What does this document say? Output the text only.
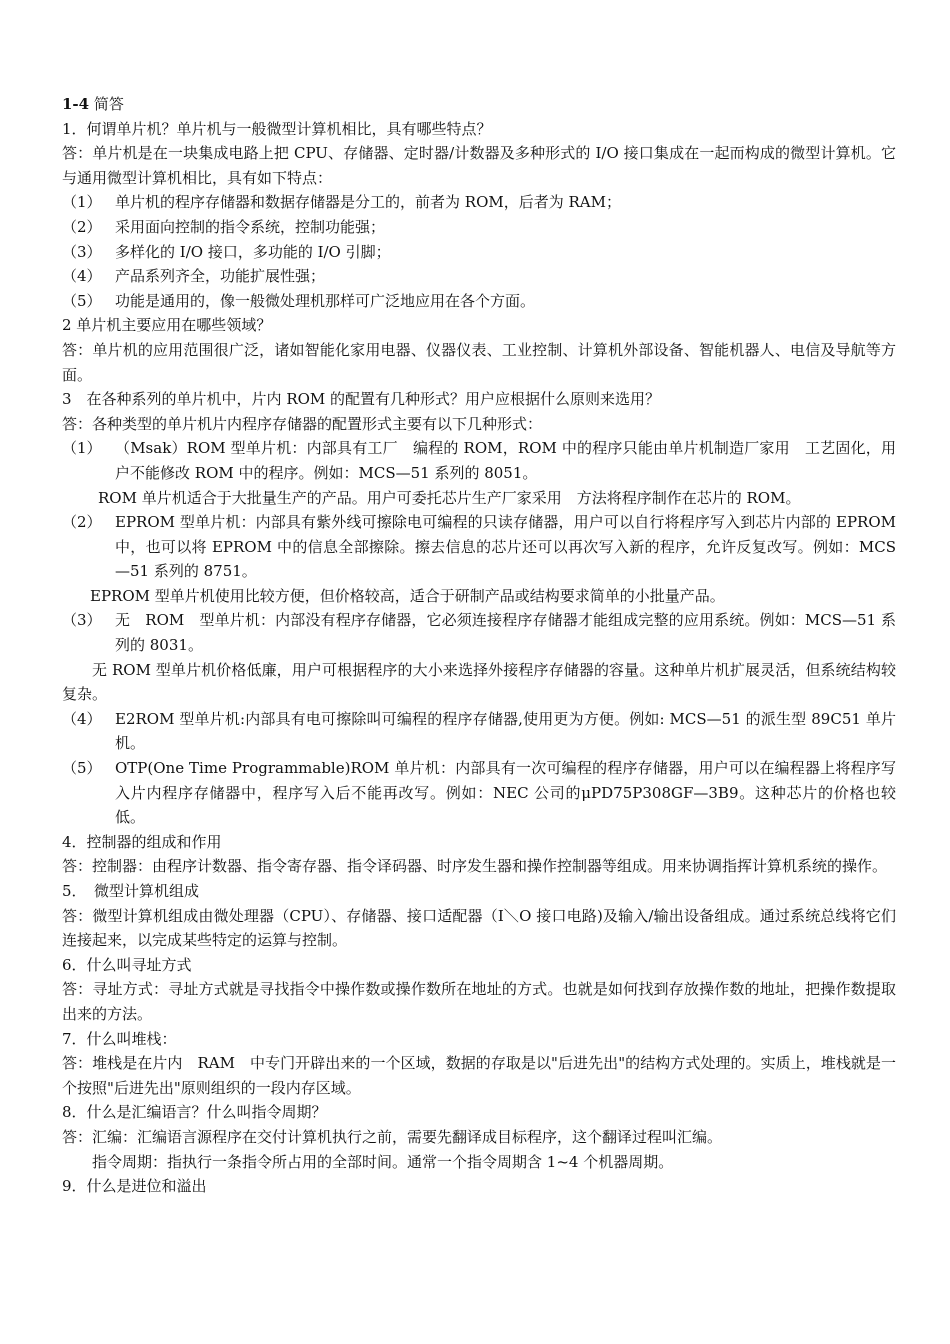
1-4 简答
1．何谓单片机？单片机与一般微型计算机相比，具有哪些特点？
答：单片机是在一块集成电路上把 CPU、存储器、定时器/计数器及多种形式的 I/O 接口集成在一起而构成的微型计算机。它与通用微型计算机相比，具有如下特点：
（1） 单片机的程序存储器和数据存储器是分工的，前者为 ROM，后者为 RAM；
（2） 采用面向控制的指令系统，控制功能强；
（3） 多样化的 I/O 接口，多功能的 I/O 引脚；
（4） 产品系列齐全，功能扩展性强；
（5） 功能是通用的，像一般微处理机那样可广泛地应用在各个方面。
2 单片机主要应用在哪些领域？
答：单片机的应用范围很广泛，诸如智能化家用电器、仪器仪表、工业控制、计算机外部设备、智能机器人、电信及导航等方面。
3　在各种系列的单片机中，片内 ROM 的配置有几种形式？用户应根据什么原则来选用？
答：各种类型的单片机片内程序存储器的配置形式主要有以下几种形式：
（1） （Msak）ROM 型单片机：内部具有工厂　编程的 ROM，ROM 中的程序只能由单片机制造厂家用　工艺固化，用户不能修改 ROM 中的程序。例如：MCS—51 系列的 8051。
ROM 单片机适合于大批量生产的产品。用户可委托芯片生产厂家采用　方法将程序制作在芯片的 ROM。
（2） EPROM 型单片机：内部具有紫外线可擦除电可编程的只读存储器，用户可以自行将程序写入到芯片内部的 EPROM 中，也可以将 EPROM 中的信息全部擦除。擦去信息的芯片还可以再次写入新的程序，允许反复改写。例如：MCS—51 系列的 8751。
EPROM 型单片机使用比较方便，但价格较高，适合于研制产品或结构要求简单的小批量产品。
（3） 无　ROM　型单片机：内部没有程序存储器，它必须连接程序存储器才能组成完整的应用系统。例如：MCS—51 系列的 8031。
无 ROM 型单片机价格低廉，用户可根据程序的大小来选择外接程序存储器的容量。这种单片机扩展灵活，但系统结构较复杂。
（4） E2ROM 型单片机:内部具有电可擦除叫可编程的程序存储器,使用更为方便。例如: MCS—51 的派生型 89C51 单片机。
（5） OTP(One Time Programmable)ROM 单片机：内部具有一次可编程的程序存储器，用户可以在编程器上将程序写入片内程序存储器中，程序写入后不能再改写。例如：NEC 公司的μPD75P308GF—3B9。这种芯片的价格也较低。
4．控制器的组成和作用
答：控制器：由程序计数器、指令寄存器、指令译码器、时序发生器和操作控制器等组成。用来协调指挥计算机系统的操作。
5．　微型计算机组成
答：微型计算机组成由微处理器（CPU）、存储器、接口适配器（I＼O 接口电路)及输入/输出设备组成。通过系统总线将它们连接起来，以完成某些特定的运算与控制。
6．什么叫寻址方式
答：寻址方式：寻址方式就是寻找指令中操作数或操作数所在地址的方式。也就是如何找到存放操作数的地址，把操作数提取出来的方法。
7．什么叫堆栈：
答：堆栈是在片内　RAM　中专门开辟出来的一个区域，数据的存取是以"后进先出"的结构方式处理的。实质上，堆栈就是一个按照"后进先出"原则组织的一段内存区域。
8．什么是汇编语言？什么叫指令周期？
答：汇编：汇编语言源程序在交付计算机执行之前，需要先翻译成目标程序，这个翻译过程叫汇编。
指令周期：指执行一条指令所占用的全部时间。通常一个指令周期含 1~4 个机器周期。
9．什么是进位和溢出
